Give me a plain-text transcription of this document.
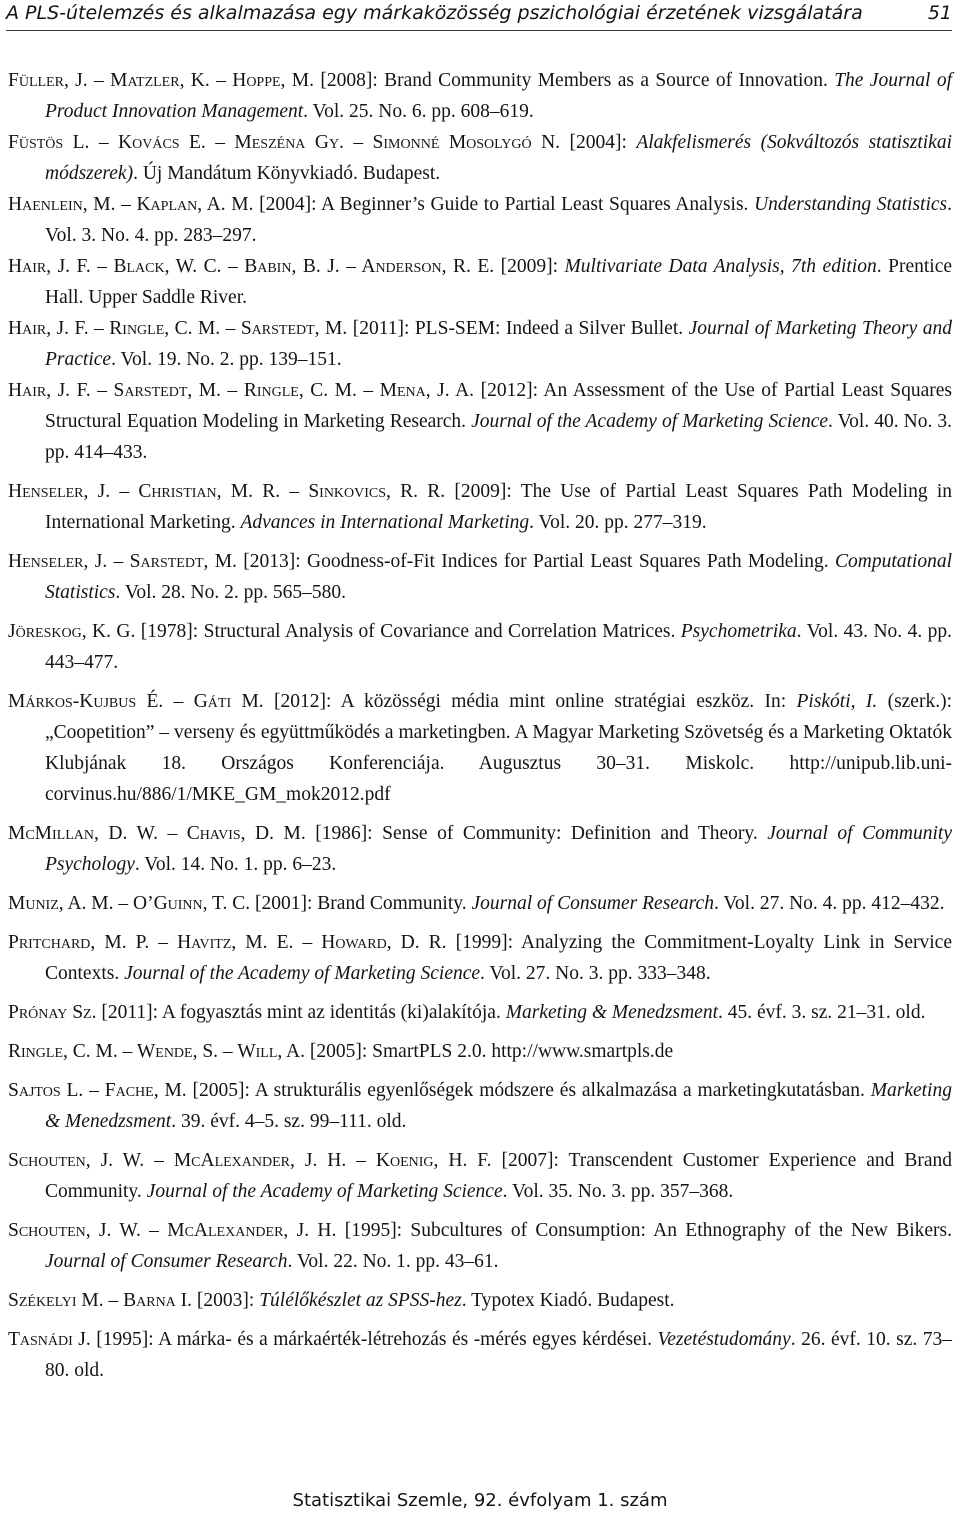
A PLS-útelemzés és alkalmazása egy márkaközösség pszichológiai érzetének vizsgálatára	51
Füller, J. – Matzler, K. – Hoppe, M. [2008]: Brand Community Members as a Source of Innovation. The Journal of Product Innovation Management. Vol. 25. No. 6. pp. 608–619.
Füstös L. – Kovács E. – Meszéna Gy. – Simonné Mosolygó N. [2004]: Alakfelismerés (Sokváltozós statisztikai módszerek). Új Mandátum Könyvkiadó. Budapest.
Haenlein, M. – Kaplan, A. M. [2004]: A Beginner’s Guide to Partial Least Squares Analysis. Understanding Statistics. Vol. 3. No. 4. pp. 283–297.
Hair, J. F. – Black, W. C. – Babin, B. J. – Anderson, R. E. [2009]: Multivariate Data Analysis, 7th edition. Prentice Hall. Upper Saddle River.
Hair, J. F. – Ringle, C. M. – Sarstedt, M. [2011]: PLS-SEM: Indeed a Silver Bullet. Journal of Marketing Theory and Practice. Vol. 19. No. 2. pp. 139–151.
Hair, J. F. – Sarstedt, M. – Ringle, C. M. – Mena, J. A. [2012]: An Assessment of the Use of Partial Least Squares Structural Equation Modeling in Marketing Research. Journal of the Academy of Marketing Science. Vol. 40. No. 3. pp. 414–433.
Henseler, J. – Christian, M. R. – Sinkovics, R. R. [2009]: The Use of Partial Least Squares Path Modeling in International Marketing. Advances in International Marketing. Vol. 20. pp. 277–319.
Henseler, J. – Sarstedt, M. [2013]: Goodness-of-Fit Indices for Partial Least Squares Path Modeling. Computational Statistics. Vol. 28. No. 2. pp. 565–580.
Jöreskog, K. G. [1978]: Structural Analysis of Covariance and Correlation Matrices. Psychometrika. Vol. 43. No. 4. pp. 443–477.
Márkos-Kujbus É. – Gáti M. [2012]: A közösségi média mint online stratégiai eszköz. In: Piskóti, I. (szerk.): „Coopetition” – verseny és együttműködés a marketingben. A Magyar Marketing Szövetség és a Marketing Oktatók Klubjának 18. Országos Konferenciája. Augusztus 30–31. Miskolc. http://unipub.lib.uni-corvinus.hu/886/1/MKE_GM_mok2012.pdf
McMillan, D. W. – Chavis, D. M. [1986]: Sense of Community: Definition and Theory. Journal of Community Psychology. Vol. 14. No. 1. pp. 6–23.
Muniz, A. M. – O’Guinn, T. C. [2001]: Brand Community. Journal of Consumer Research. Vol. 27. No. 4. pp. 412–432.
Pritchard, M. P. – Havitz, M. E. – Howard, D. R. [1999]: Analyzing the Commitment-Loyalty Link in Service Contexts. Journal of the Academy of Marketing Science. Vol. 27. No. 3. pp. 333–348.
Prónay Sz. [2011]: A fogyasztás mint az identitás (ki)alakítója. Marketing & Menedzsment. 45. évf. 3. sz. 21–31. old.
Ringle, C. M. – Wende, S. – Will, A. [2005]: SmartPLS 2.0. http://www.smartpls.de
Sajtos L. – Fache, M. [2005]: A strukturális egyenlőségek módszere és alkalmazása a marketingkutatásban. Marketing & Menedzsment. 39. évf. 4–5. sz. 99–111. old.
Schouten, J. W. – McAlexander, J. H. – Koenig, H. F. [2007]: Transcendent Customer Experience and Brand Community. Journal of the Academy of Marketing Science. Vol. 35. No. 3. pp. 357–368.
Schouten, J. W. – McAlexander, J. H. [1995]: Subcultures of Consumption: An Ethnography of the New Bikers. Journal of Consumer Research. Vol. 22. No. 1. pp. 43–61.
Székelyi M. – Barna I. [2003]: Túlélőkészlet az SPSS-hez. Typotex Kiadó. Budapest.
Tasnádi J. [1995]: A márka- és a márkaérték-létrehozás és -mérés egyes kérdései. Vezetéstudomány. 26. évf. 10. sz. 73–80. old.
Statisztikai Szemle, 92. évfolyam 1. szám
